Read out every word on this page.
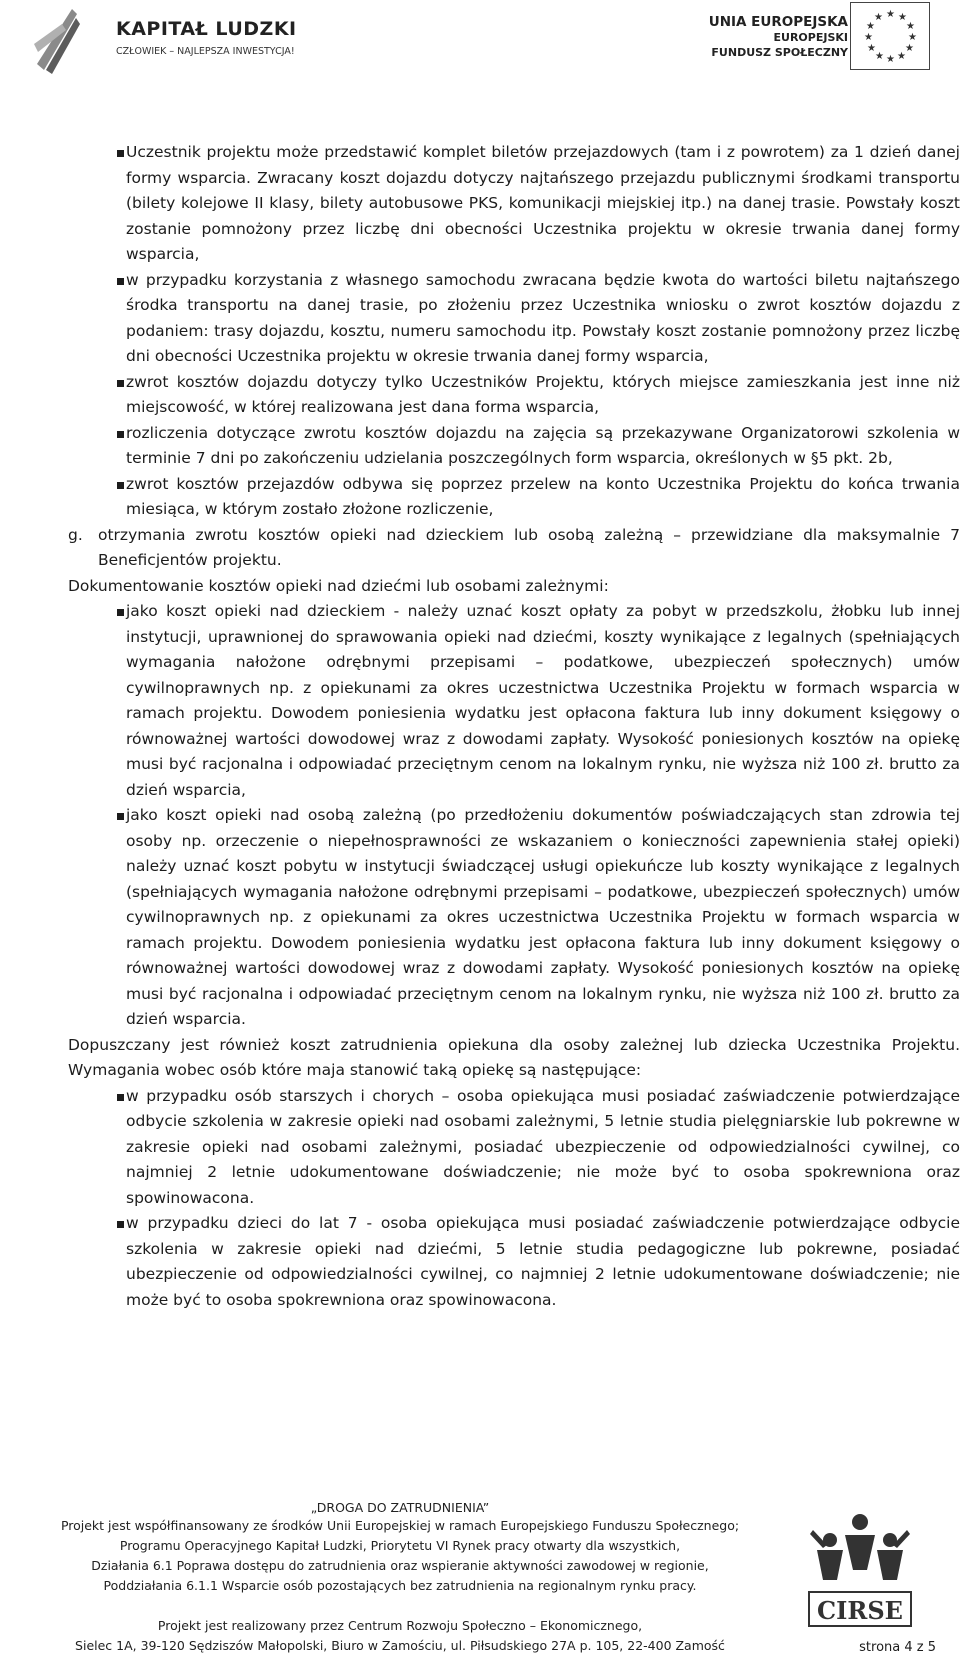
KAPITAŁ LUDZKI
CZŁOWIEK – NAJLEPSZA INWESTYCJA!
UNIA EUROPEJSKA
EUROPEJSKI
FUNDUSZ SPOŁECZNY
★ ★
★
★
★
★
★
★
★
★
★
★

Uczestnik projektu może przedstawić komplet biletów przejazdowych (tam i z powrotem) za 1 dzień danej formy wsparcia. Zwracany koszt dojazdu dotyczy najtańszego przejazdu publicznymi środkami transportu (bilety kolejowe II klasy, bilety autobusowe PKS, komunikacji miejskiej itp.) na danej trasie. Powstały koszt zostanie pomnożony przez liczbę dni obecności Uczestnika projektu w okresie trwania danej formy wsparcia,

w przypadku korzystania z własnego samochodu zwracana będzie kwota do wartości biletu najtańszego środka transportu na danej trasie, po złożeniu przez Uczestnika wniosku o zwrot kosztów dojazdu z podaniem: trasy dojazdu, kosztu, numeru samochodu itp. Powstały koszt zostanie pomnożony przez liczbę dni obecności Uczestnika projektu w okresie trwania danej formy wsparcia,

zwrot kosztów dojazdu dotyczy tylko Uczestników Projektu, których miejsce zamieszkania jest inne niż miejscowość, w której realizowana jest dana forma wsparcia,

rozliczenia dotyczące zwrotu kosztów dojazdu na zajęcia są przekazywane Organizatorowi szkolenia w terminie 7 dni po zakończeniu udzielania poszczególnych form wsparcia, określonych w §5 pkt. 2b,

zwrot kosztów przejazdów odbywa się poprzez przelew na konto Uczestnika Projektu do końca trwania miesiąca, w którym zostało złożone rozliczenie,

g. otrzymania zwrotu kosztów opieki nad dzieckiem lub osobą zależną – przewidziane dla maksymalnie 7 Beneficjentów projektu.

Dokumentowanie kosztów opieki nad dziećmi lub osobami zależnymi:

jako koszt opieki nad dzieckiem - należy uznać koszt opłaty za pobyt w przedszkolu, żłobku lub innej instytucji, uprawnionej do sprawowania opieki nad dziećmi, koszty wynikające z legalnych (spełniających wymagania nałożone odrębnymi przepisami – podatkowe, ubezpieczeń społecznych) umów cywilnoprawnych np. z opiekunami za okres uczestnictwa Uczestnika Projektu w formach wsparcia w ramach projektu. Dowodem poniesienia wydatku jest opłacona faktura lub inny dokument księgowy o równoważnej wartości dowodowej wraz z dowodami zapłaty. Wysokość poniesionych kosztów na opiekę musi być racjonalna i odpowiadać przeciętnym cenom na lokalnym rynku, nie wyższa niż 100 zł. brutto za dzień wsparcia,

jako koszt opieki nad osobą zależną (po przedłożeniu dokumentów poświadczających stan zdrowia tej osoby np. orzeczenie o niepełnosprawności ze wskazaniem o konieczności zapewnienia stałej opieki) należy uznać koszt pobytu w instytucji świadczącej usługi opiekuńcze lub koszty wynikające z legalnych (spełniających wymagania nałożone odrębnymi przepisami – podatkowe, ubezpieczeń społecznych) umów cywilnoprawnych np. z opiekunami za okres uczestnictwa Uczestnika Projektu w formach wsparcia w ramach projektu. Dowodem poniesienia wydatku jest opłacona faktura lub inny dokument księgowy o równoważnej wartości dowodowej wraz z dowodami zapłaty. Wysokość poniesionych kosztów na opiekę musi być racjonalna i odpowiadać przeciętnym cenom na lokalnym rynku, nie wyższa niż 100 zł. brutto za dzień wsparcia.

Dopuszczany jest również koszt zatrudnienia opiekuna dla osoby zależnej lub dziecka Uczestnika Projektu. Wymagania wobec osób które maja stanowić taką opiekę są następujące:

w przypadku osób starszych i chorych – osoba opiekująca musi posiadać zaświadczenie potwierdzające odbycie szkolenia w zakresie opieki nad osobami zależnymi, 5 letnie studia pielęgniarskie lub pokrewne w zakresie opieki nad osobami zależnymi, posiadać ubezpieczenie od odpowiedzialności cywilnej, co najmniej 2 letnie udokumentowane doświadczenie; nie może być to osoba spokrewniona oraz spowinowacona.

w przypadku dzieci do lat 7 - osoba opiekująca musi posiadać zaświadczenie potwierdzające odbycie szkolenia w zakresie opieki nad dziećmi, 5 letnie studia pedagogiczne lub pokrewne, posiadać ubezpieczenie od odpowiedzialności cywilnej, co najmniej 2 letnie udokumentowane doświadczenie; nie może być to osoba spokrewniona oraz spowinowacona.

„DROGA DO ZATRUDNIENIA”
Projekt jest współfinansowany ze środków Unii Europejskiej w ramach Europejskiego Funduszu Społecznego;
Programu Operacyjnego Kapitał Ludzki, Priorytetu VI Rynek pracy otwarty dla wszystkich,
Działania 6.1 Poprawa dostępu do zatrudnienia oraz wspieranie aktywności zawodowej w regionie,
Poddziałania 6.1.1 Wsparcie osób pozostających bez zatrudnienia na regionalnym rynku pracy.
Projekt jest realizowany przez Centrum Rozwoju Społeczno – Ekonomicznego,
Sielec 1A, 39-120 Sędziszów Małopolski, Biuro w Zamościu, ul. Piłsudskiego 27A p. 105, 22-400 Zamość	strona 4 z 5
CIRSE
